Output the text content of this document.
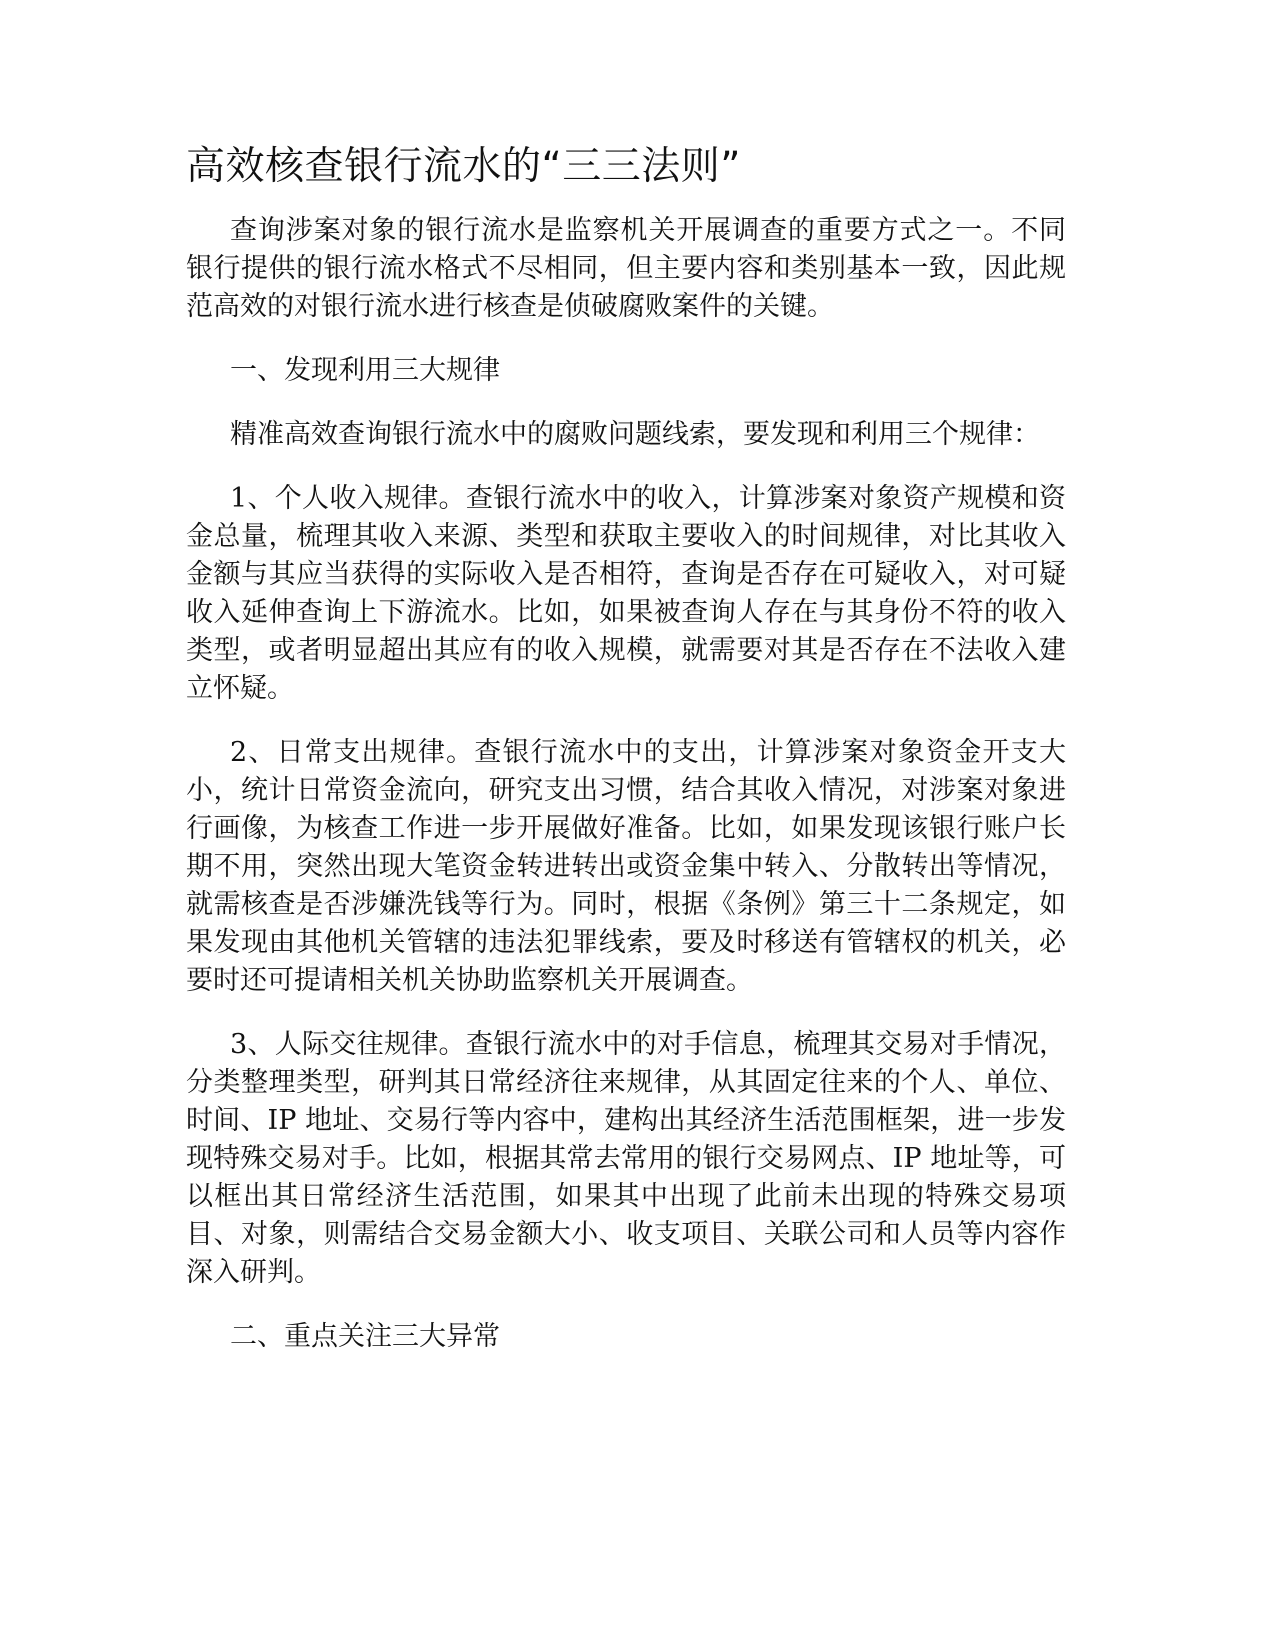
高效核查银行流水的“三三法则”

查询涉案对象的银行流水是监察机关开展调查的重要方式之一。不同银行提供的银行流水格式不尽相同，但主要内容和类别基本一致，因此规范高效的对银行流水进行核查是侦破腐败案件的关键。

一、发现利用三大规律

精准高效查询银行流水中的腐败问题线索，要发现和利用三个规律：

1、个人收入规律。查银行流水中的收入，计算涉案对象资产规模和资金总量，梳理其收入来源、类型和获取主要收入的时间规律，对比其收入金额与其应当获得的实际收入是否相符，查询是否存在可疑收入，对可疑收入延伸查询上下游流水。比如，如果被查询人存在与其身份不符的收入类型，或者明显超出其应有的收入规模，就需要对其是否存在不法收入建立怀疑。

2、日常支出规律。查银行流水中的支出，计算涉案对象资金开支大小，统计日常资金流向，研究支出习惯，结合其收入情况，对涉案对象进行画像，为核查工作进一步开展做好准备。比如，如果发现该银行账户长期不用，突然出现大笔资金转进转出或资金集中转入、分散转出等情况，就需核查是否涉嫌洗钱等行为。同时，根据《条例》第三十二条规定，如果发现由其他机关管辖的违法犯罪线索，要及时移送有管辖权的机关，必要时还可提请相关机关协助监察机关开展调查。

3、人际交往规律。查银行流水中的对手信息，梳理其交易对手情况，分类整理类型，研判其日常经济往来规律，从其固定往来的个人、单位、时间、IP 地址、交易行等内容中，建构出其经济生活范围框架，进一步发现特殊交易对手。比如，根据其常去常用的银行交易网点、IP 地址等，可以框出其日常经济生活范围，如果其中出现了此前未出现的特殊交易项目、对象，则需结合交易金额大小、收支项目、关联公司和人员等内容作深入研判。

二、重点关注三大异常
